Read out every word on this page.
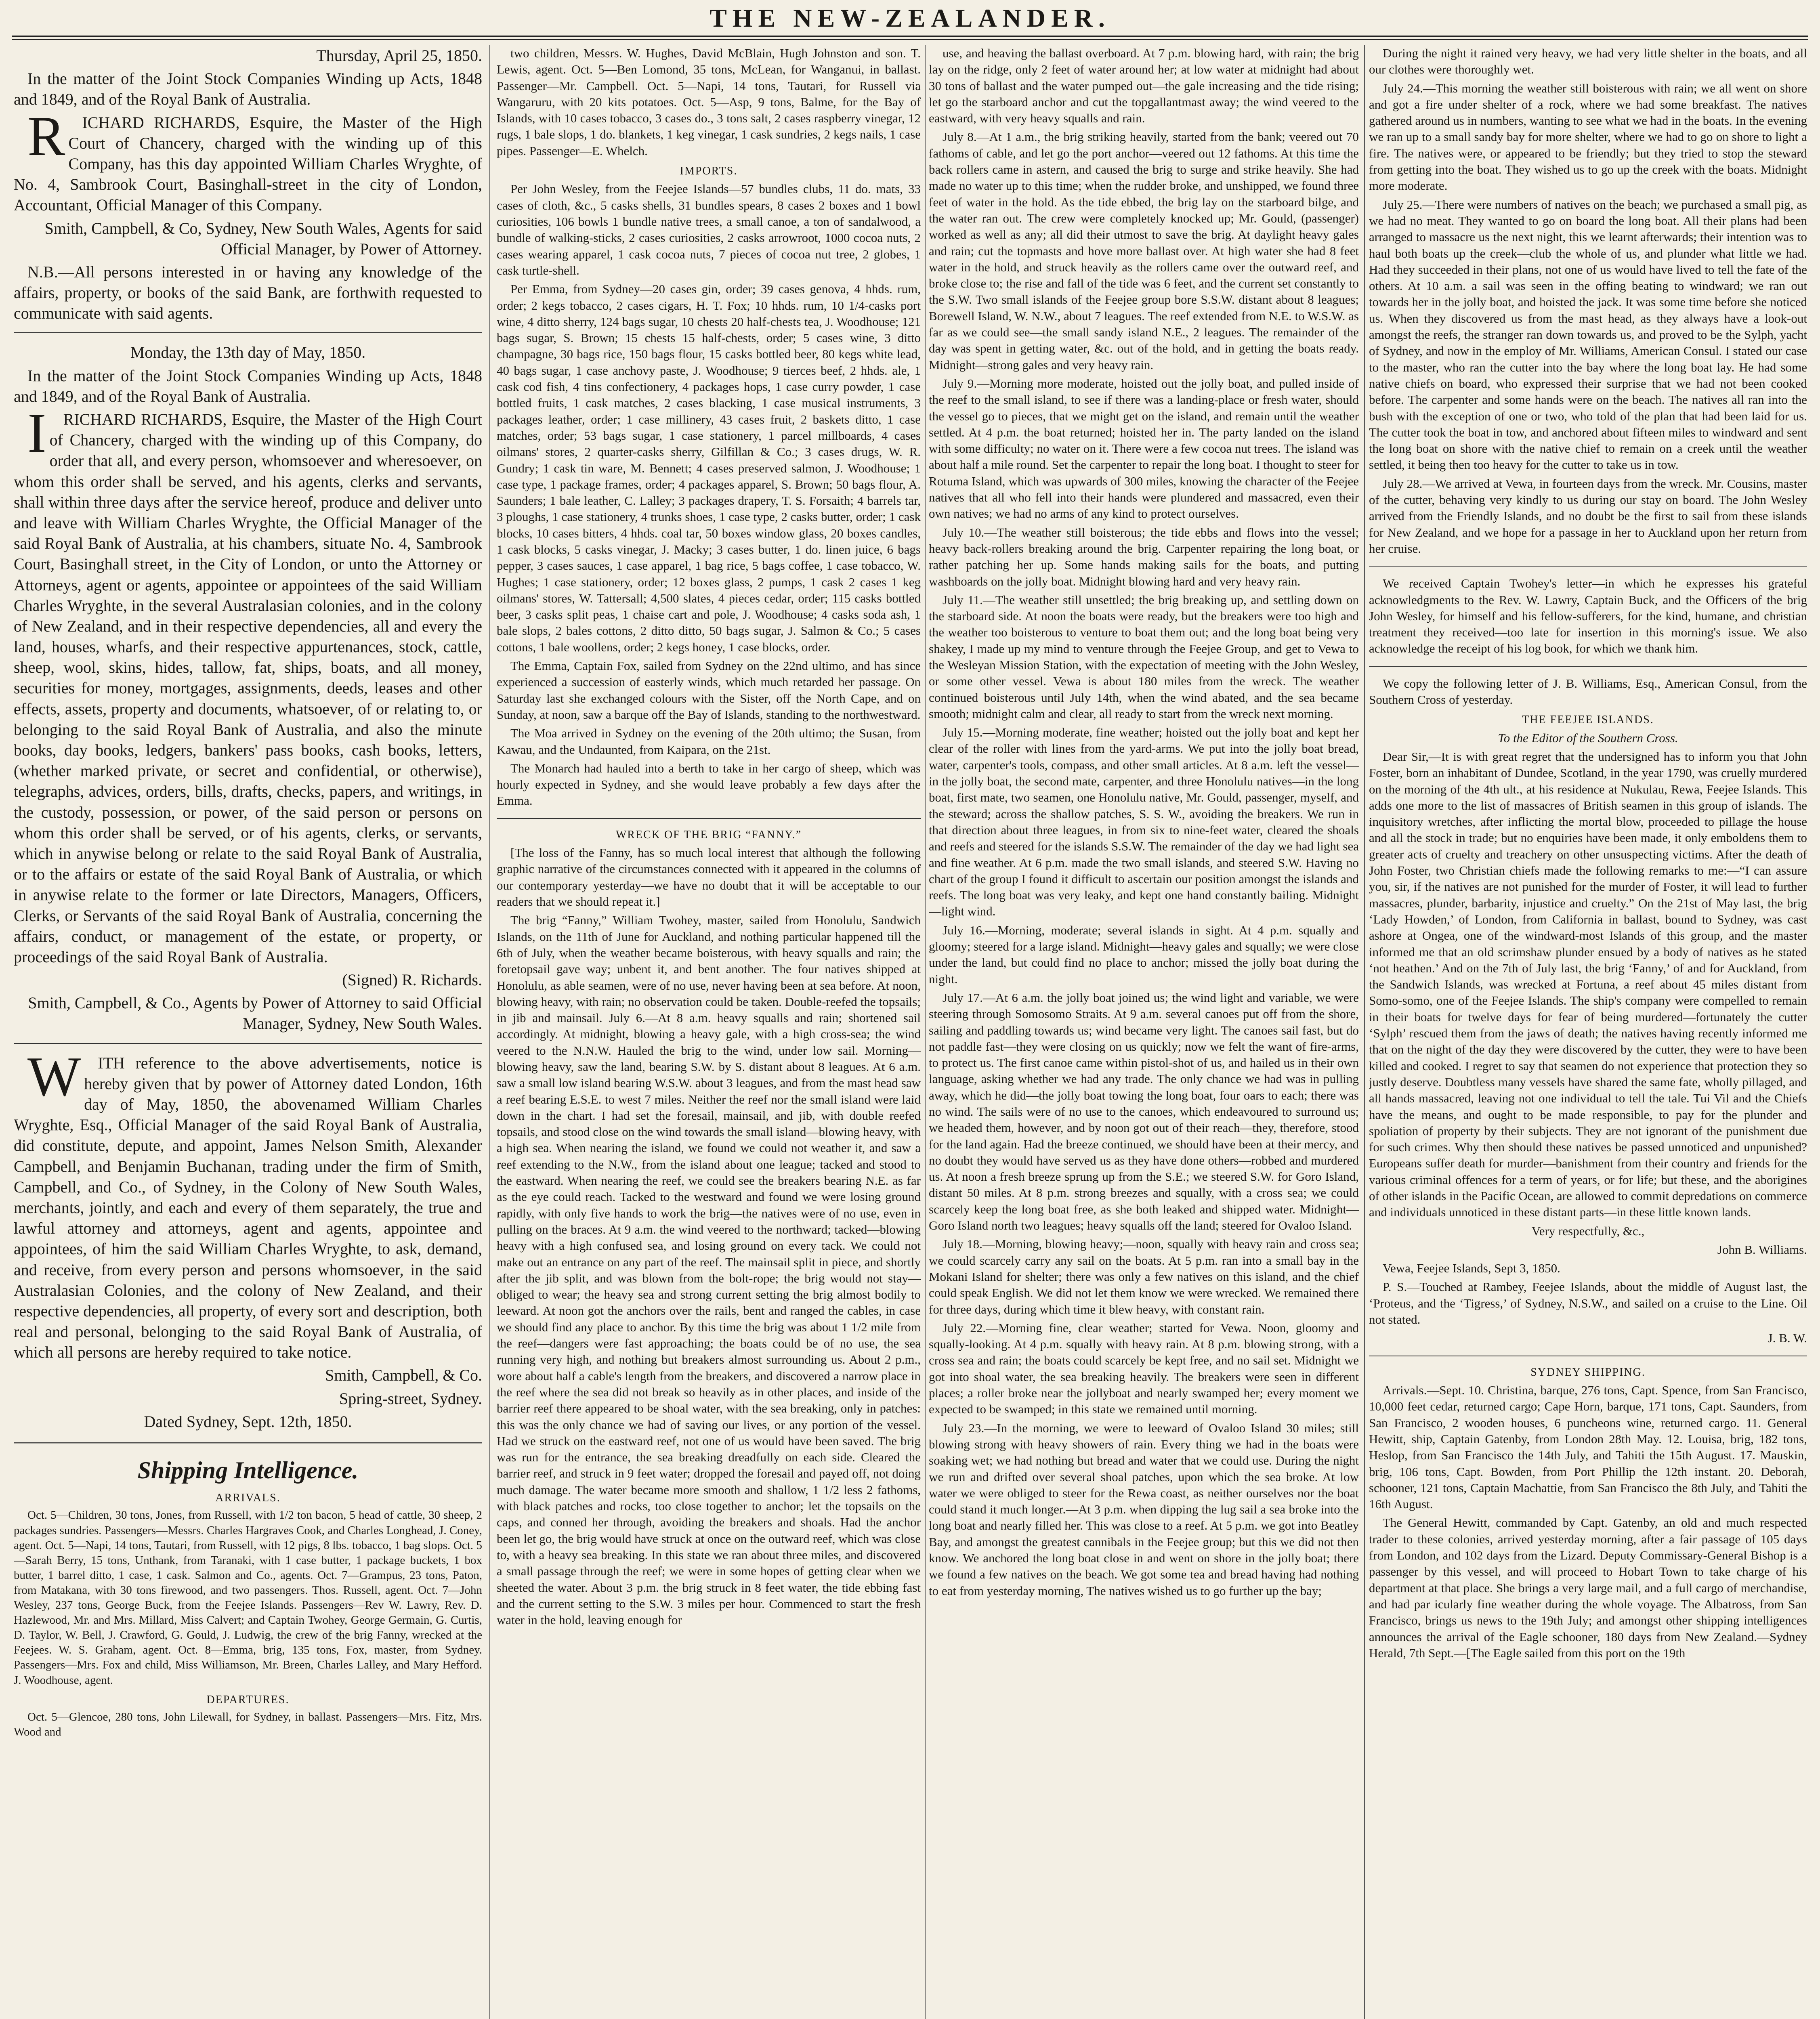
THE NEW-ZEALANDER.

Thursday, April 25, 1850.

In the matter of the Joint Stock Companies Winding up Acts, 1848 and 1849, and of the Royal Bank of Australia.

RICHARD RICHARDS, Esquire, the Master of the High Court of Chancery, charged with the winding up of this Company, has this day appointed William Charles Wryghte, of No. 4, Sambrook Court, Basinghall-street in the city of London, Accountant, Official Manager of this Company.

Smith, Campbell, & Co, Sydney, New South Wales, Agents for said Official Manager, by Power of Attorney.

N.B.—All persons interested in or having any knowledge of the affairs, property, or books of the said Bank, are forthwith requested to communicate with said agents.

Monday, the 13th day of May, 1850.

In the matter of the Joint Stock Companies Winding up Acts, 1848 and 1849, and of the Royal Bank of Australia.

IRICHARD RICHARDS, Esquire, the Master of the High Court of Chancery, charged with the winding up of this Company, do order that all, and every person, whomsoever and wheresoever, on whom this order shall be served, and his agents, clerks and servants, shall within three days after the service hereof, produce and deliver unto and leave with William Charles Wryghte, the Official Manager of the said Royal Bank of Australia, at his chambers, situate No. 4, Sambrook Court, Basinghall street, in the City of London, or unto the Attorney or Attorneys, agent or agents, appointee or appointees of the said William Charles Wryghte, in the several Australasian colonies, and in the colony of New Zealand, and in their respective dependencies, all and every the land, houses, wharfs, and their respective appurtenances, stock, cattle, sheep, wool, skins, hides, tallow, fat, ships, boats, and all money, securities for money, mortgages, assignments, deeds, leases and other effects, assets, property and documents, whatsoever, of or relating to, or belonging to the said Royal Bank of Australia, and also the minute books, day books, ledgers, bankers' pass books, cash books, letters, (whether marked private, or secret and confidential, or otherwise), telegraphs, advices, orders, bills, drafts, checks, papers, and writings, in the custody, possession, or power, of the said person or persons on whom this order shall be served, or of his agents, clerks, or servants, which in anywise belong or relate to the said Royal Bank of Australia, or to the affairs or estate of the said Royal Bank of Australia, or which in anywise relate to the former or late Directors, Managers, Officers, Clerks, or Servants of the said Royal Bank of Australia, concerning the affairs, conduct, or management of the estate, or property, or proceedings of the said Royal Bank of Australia.

(Signed) R. Richards.

Smith, Campbell, & Co., Agents by Power of Attorney to said Official Manager, Sydney, New South Wales.

WITH reference to the above advertisements, notice is hereby given that by power of Attorney dated London, 16th day of May, 1850, the abovenamed William Charles Wryghte, Esq., Official Manager of the said Royal Bank of Australia, did constitute, depute, and appoint, James Nelson Smith, Alexander Campbell, and Benjamin Buchanan, trading under the firm of Smith, Campbell, and Co., of Sydney, in the Colony of New South Wales, merchants, jointly, and each and every of them separately, the true and lawful attorney and attorneys, agent and agents, appointee and appointees, of him the said William Charles Wryghte, to ask, demand, and receive, from every person and persons whomsoever, in the said Australasian Colonies, and the colony of New Zealand, and their respective dependencies, all property, of every sort and description, both real and personal, belonging to the said Royal Bank of Australia, of which all persons are hereby required to take notice.

Smith, Campbell, & Co.

Spring-street, Sydney.

Dated Sydney, Sept. 12th, 1850.

Shipping Intelligence.
ARRIVALS.

Oct. 5—Children, 30 tons, Jones, from Russell, with 1/2 ton bacon, 5 head of cattle, 30 sheep, 2 packages sundries. Passengers—Messrs. Charles Hargraves Cook, and Charles Longhead, J. Coney, agent. Oct. 5—Napi, 14 tons, Tautari, from Russell, with 12 pigs, 8 lbs. tobacco, 1 bag slops. Oct. 5—Sarah Berry, 15 tons, Unthank, from Taranaki, with 1 case butter, 1 package buckets, 1 box butter, 1 barrel ditto, 1 case, 1 cask. Salmon and Co., agents. Oct. 7—Grampus, 23 tons, Paton, from Matakana, with 30 tons firewood, and two passengers. Thos. Russell, agent. Oct. 7—John Wesley, 237 tons, George Buck, from the Feejee Islands. Passengers—Rev W. Lawry, Rev. D. Hazlewood, Mr. and Mrs. Millard, Miss Calvert; and Captain Twohey, George Germain, G. Curtis, D. Taylor, W. Bell, J. Crawford, G. Gould, J. Ludwig, the crew of the brig Fanny, wrecked at the Feejees. W. S. Graham, agent. Oct. 8—Emma, brig, 135 tons, Fox, master, from Sydney. Passengers—Mrs. Fox and child, Miss Williamson, Mr. Breen, Charles Lalley, and Mary Hefford. J. Woodhouse, agent.

DEPARTURES.

Oct. 5—Glencoe, 280 tons, John Lilewall, for Sydney, in ballast. Passengers—Mrs. Fitz, Mrs. Wood and

two children, Messrs. W. Hughes, David McBlain, Hugh Johnston and son. T. Lewis, agent. Oct. 5—Ben Lomond, 35 tons, McLean, for Wanganui, in ballast. Passenger—Mr. Campbell. Oct. 5—Napi, 14 tons, Tautari, for Russell via Wangaruru, with 20 kits potatoes. Oct. 5—Asp, 9 tons, Balme, for the Bay of Islands, with 10 cases tobacco, 3 cases do., 3 tons salt, 2 cases raspberry vinegar, 12 rugs, 1 bale slops, 1 do. blankets, 1 keg vinegar, 1 cask sundries, 2 kegs nails, 1 case pipes. Passenger—E. Whelch.

IMPORTS.

Per John Wesley, from the Feejee Islands—57 bundles clubs, 11 do. mats, 33 cases of cloth, &c., 5 casks shells, 31 bundles spears, 8 cases 2 boxes and 1 bowl curiosities, 106 bowls 1 bundle native trees, a small canoe, a ton of sandalwood, a bundle of walking-sticks, 2 cases curiosities, 2 casks arrowroot, 1000 cocoa nuts, 2 cases wearing apparel, 1 cask cocoa nuts, 7 pieces of cocoa nut tree, 2 globes, 1 cask turtle-shell.

Per Emma, from Sydney—20 cases gin, order; 39 cases genova, 4 hhds. rum, order; 2 kegs tobacco, 2 cases cigars, H. T. Fox; 10 hhds. rum, 10 1/4-casks port wine, 4 ditto sherry, 124 bags sugar, 10 chests 20 half-chests tea, J. Woodhouse; 121 bags sugar, S. Brown; 15 chests 15 half-chests, order; 5 cases wine, 3 ditto champagne, 30 bags rice, 150 bags flour, 15 casks bottled beer, 80 kegs white lead, 40 bags sugar, 1 case anchovy paste, J. Woodhouse; 9 tierces beef, 2 hhds. ale, 1 cask cod fish, 4 tins confectionery, 4 packages hops, 1 case curry powder, 1 case bottled fruits, 1 cask matches, 2 cases blacking, 1 case musical instruments, 3 packages leather, order; 1 case millinery, 43 cases fruit, 2 baskets ditto, 1 case matches, order; 53 bags sugar, 1 case stationery, 1 parcel millboards, 4 cases oilmans' stores, 2 quarter-casks sherry, Gilfillan & Co.; 3 cases drugs, W. R. Gundry; 1 cask tin ware, M. Bennett; 4 cases preserved salmon, J. Woodhouse; 1 case type, 1 package frames, order; 4 packages apparel, S. Brown; 50 bags flour, A. Saunders; 1 bale leather, C. Lalley; 3 packages drapery, T. S. Forsaith; 4 barrels tar, 3 ploughs, 1 case stationery, 4 trunks shoes, 1 case type, 2 casks butter, order; 1 cask blocks, 10 cases bitters, 4 hhds. coal tar, 50 boxes window glass, 20 boxes candles, 1 cask blocks, 5 casks vinegar, J. Macky; 3 cases butter, 1 do. linen juice, 6 bags pepper, 3 cases sauces, 1 case apparel, 1 bag rice, 5 bags coffee, 1 case tobacco, W. Hughes; 1 case stationery, order; 12 boxes glass, 2 pumps, 1 cask 2 cases 1 keg oilmans' stores, W. Tattersall; 4,500 slates, 4 pieces cedar, order; 115 casks bottled beer, 3 casks split peas, 1 chaise cart and pole, J. Woodhouse; 4 casks soda ash, 1 bale slops, 2 bales cottons, 2 ditto ditto, 50 bags sugar, J. Salmon & Co.; 5 cases cottons, 1 bale woollens, order; 2 kegs honey, 1 case blocks, order.

The Emma, Captain Fox, sailed from Sydney on the 22nd ultimo, and has since experienced a succession of easterly winds, which much retarded her passage. On Saturday last she exchanged colours with the Sister, off the North Cape, and on Sunday, at noon, saw a barque off the Bay of Islands, standing to the northwestward.

The Moa arrived in Sydney on the evening of the 20th ultimo; the Susan, from Kawau, and the Undaunted, from Kaipara, on the 21st.

The Monarch had hauled into a berth to take in her cargo of sheep, which was hourly expected in Sydney, and she would leave probably a few days after the Emma.

WRECK OF THE BRIG “FANNY.”

[The loss of the Fanny, has so much local interest that although the following graphic narrative of the circumstances connected with it appeared in the columns of our contemporary yesterday—we have no doubt that it will be acceptable to our readers that we should repeat it.]

The brig “Fanny,” William Twohey, master, sailed from Honolulu, Sandwich Islands, on the 11th of June for Auckland, and nothing particular happened till the 6th of July, when the weather became boisterous, with heavy squalls and rain; the foretopsail gave way; unbent it, and bent another. The four natives shipped at Honolulu, as able seamen, were of no use, never having been at sea before. At noon, blowing heavy, with rain; no observation could be taken. Double-reefed the topsails; in jib and mainsail. July 6.—At 8 a.m. heavy squalls and rain; shortened sail accordingly. At midnight, blowing a heavy gale, with a high cross-sea; the wind veered to the N.N.W. Hauled the brig to the wind, under low sail. Morning—blowing heavy, saw the land, bearing S.W. by S. distant about 8 leagues. At 6 a.m. saw a small low island bearing W.S.W. about 3 leagues, and from the mast head saw a reef bearing E.S.E. to west 7 miles. Neither the reef nor the small island were laid down in the chart. I had set the foresail, mainsail, and jib, with double reefed topsails, and stood close on the wind towards the small island—blowing heavy, with a high sea. When nearing the island, we found we could not weather it, and saw a reef extending to the N.W., from the island about one league; tacked and stood to the eastward. When nearing the reef, we could see the breakers bearing N.E. as far as the eye could reach. Tacked to the westward and found we were losing ground rapidly, with only five hands to work the brig—the natives were of no use, even in pulling on the braces. At 9 a.m. the wind veered to the northward; tacked—blowing heavy with a high confused sea, and losing ground on every tack. We could not make out an entrance on any part of the reef. The mainsail split in piece, and shortly after the jib split, and was blown from the bolt-rope; the brig would not stay—obliged to wear; the heavy sea and strong current setting the brig almost bodily to leeward. At noon got the anchors over the rails, bent and ranged the cables, in case we should find any place to anchor. By this time the brig was about 1 1/2 mile from the reef—dangers were fast approaching; the boats could be of no use, the sea running very high, and nothing but breakers almost surrounding us. About 2 p.m., wore about half a cable's length from the breakers, and discovered a narrow place in the reef where the sea did not break so heavily as in other places, and inside of the barrier reef there appeared to be shoal water, with the sea breaking, only in patches: this was the only chance we had of saving our lives, or any portion of the vessel. Had we struck on the eastward reef, not one of us would have been saved. The brig was run for the entrance, the sea breaking dreadfully on each side. Cleared the barrier reef, and struck in 9 feet water; dropped the foresail and payed off, not doing much damage. The water became more smooth and shallow, 1 1/2 less 2 fathoms, with black patches and rocks, too close together to anchor; let the topsails on the caps, and conned her through, avoiding the breakers and shoals. Had the anchor been let go, the brig would have struck at once on the outward reef, which was close to, with a heavy sea breaking. In this state we ran about three miles, and discovered a small passage through the reef; we were in some hopes of getting clear when we sheeted the water. About 3 p.m. the brig struck in 8 feet water, the tide ebbing fast and the current setting to the S.W. 3 miles per hour. Commenced to start the fresh water in the hold, leaving enough for

use, and heaving the ballast overboard. At 7 p.m. blowing hard, with rain; the brig lay on the ridge, only 2 feet of water around her; at low water at midnight had about 30 tons of ballast and the water pumped out—the gale increasing and the tide rising; let go the starboard anchor and cut the topgallantmast away; the wind veered to the eastward, with very heavy squalls and rain.

July 8.—At 1 a.m., the brig striking heavily, started from the bank; veered out 70 fathoms of cable, and let go the port anchor—veered out 12 fathoms. At this time the back rollers came in astern, and caused the brig to surge and strike heavily. She had made no water up to this time; when the rudder broke, and unshipped, we found three feet of water in the hold. As the tide ebbed, the brig lay on the starboard bilge, and the water ran out. The crew were completely knocked up; Mr. Gould, (passenger) worked as well as any; all did their utmost to save the brig. At daylight heavy gales and rain; cut the topmasts and hove more ballast over. At high water she had 8 feet water in the hold, and struck heavily as the rollers came over the outward reef, and broke close to; the rise and fall of the tide was 6 feet, and the current set constantly to the S.W. Two small islands of the Feejee group bore S.S.W. distant about 8 leagues; Borewell Island, W. N.W., about 7 leagues. The reef extended from N.E. to W.S.W. as far as we could see—the small sandy island N.E., 2 leagues. The remainder of the day was spent in getting water, &c. out of the hold, and in getting the boats ready. Midnight—strong gales and very heavy rain.

July 9.—Morning more moderate, hoisted out the jolly boat, and pulled inside of the reef to the small island, to see if there was a landing-place or fresh water, should the vessel go to pieces, that we might get on the island, and remain until the weather settled. At 4 p.m. the boat returned; hoisted her in. The party landed on the island with some difficulty; no water on it. There were a few cocoa nut trees. The island was about half a mile round. Set the carpenter to repair the long boat. I thought to steer for Rotuma Island, which was upwards of 300 miles, knowing the character of the Feejee natives that all who fell into their hands were plundered and massacred, even their own natives; we had no arms of any kind to protect ourselves.

July 10.—The weather still boisterous; the tide ebbs and flows into the vessel; heavy back-rollers breaking around the brig. Carpenter repairing the long boat, or rather patching her up. Some hands making sails for the boats, and putting washboards on the jolly boat. Midnight blowing hard and very heavy rain.

July 11.—The weather still unsettled; the brig breaking up, and settling down on the starboard side. At noon the boats were ready, but the breakers were too high and the weather too boisterous to venture to boat them out; and the long boat being very shakey, I made up my mind to venture through the Feejee Group, and get to Vewa to the Wesleyan Mission Station, with the expectation of meeting with the John Wesley, or some other vessel. Vewa is about 180 miles from the wreck. The weather continued boisterous until July 14th, when the wind abated, and the sea became smooth; midnight calm and clear, all ready to start from the wreck next morning.

July 15.—Morning moderate, fine weather; hoisted out the jolly boat and kept her clear of the roller with lines from the yard-arms. We put into the jolly boat bread, water, carpenter's tools, compass, and other small articles. At 8 a.m. left the vessel—in the jolly boat, the second mate, carpenter, and three Honolulu natives—in the long boat, first mate, two seamen, one Honolulu native, Mr. Gould, passenger, myself, and the steward; across the shallow patches, S. S. W., avoiding the breakers. We run in that direction about three leagues, in from six to nine-feet water, cleared the shoals and reefs and steered for the islands S.S.W. The remainder of the day we had light sea and fine weather. At 6 p.m. made the two small islands, and steered S.W. Having no chart of the group I found it difficult to ascertain our position amongst the islands and reefs. The long boat was very leaky, and kept one hand constantly bailing. Midnight—light wind.

July 16.—Morning, moderate; several islands in sight. At 4 p.m. squally and gloomy; steered for a large island. Midnight—heavy gales and squally; we were close under the land, but could find no place to anchor; missed the jolly boat during the night.

July 17.—At 6 a.m. the jolly boat joined us; the wind light and variable, we were steering through Somosomo Straits. At 9 a.m. several canoes put off from the shore, sailing and paddling towards us; wind became very light. The canoes sail fast, but do not paddle fast—they were closing on us quickly; now we felt the want of fire-arms, to protect us. The first canoe came within pistol-shot of us, and hailed us in their own language, asking whether we had any trade. The only chance we had was in pulling away, which he did—the jolly boat towing the long boat, four oars to each; there was no wind. The sails were of no use to the canoes, which endeavoured to surround us; we headed them, however, and by noon got out of their reach—they, therefore, stood for the land again. Had the breeze continued, we should have been at their mercy, and no doubt they would have served us as they have done others—robbed and murdered us. At noon a fresh breeze sprung up from the S.E.; we steered S.W. for Goro Island, distant 50 miles. At 8 p.m. strong breezes and squally, with a cross sea; we could scarcely keep the long boat free, as she both leaked and shipped water. Midnight—Goro Island north two leagues; heavy squalls off the land; steered for Ovaloo Island.

July 18.—Morning, blowing heavy;—noon, squally with heavy rain and cross sea; we could scarcely carry any sail on the boats. At 5 p.m. ran into a small bay in the Mokani Island for shelter; there was only a few natives on this island, and the chief could speak English. We did not let them know we were wrecked. We remained there for three days, during which time it blew heavy, with constant rain.

July 22.—Morning fine, clear weather; started for Vewa. Noon, gloomy and squally-looking. At 4 p.m. squally with heavy rain. At 8 p.m. blowing strong, with a cross sea and rain; the boats could scarcely be kept free, and no sail set. Midnight we got into shoal water, the sea breaking heavily. The breakers were seen in different places; a roller broke near the jollyboat and nearly swamped her; every moment we expected to be swamped; in this state we remained until morning.

July 23.—In the morning, we were to leeward of Ovaloo Island 30 miles; still blowing strong with heavy showers of rain. Every thing we had in the boats were soaking wet; we had nothing but bread and water that we could use. During the night we run and drifted over several shoal patches, upon which the sea broke. At low water we were obliged to steer for the Rewa coast, as neither ourselves nor the boat could stand it much longer.—At 3 p.m. when dipping the lug sail a sea broke into the long boat and nearly filled her. This was close to a reef. At 5 p.m. we got into Beatley Bay, and amongst the greatest cannibals in the Feejee group; but this we did not then know. We anchored the long boat close in and went on shore in the jolly boat; there we found a few natives on the beach. We got some tea and bread having had nothing to eat from yesterday morning, The natives wished us to go further up the bay;

During the night it rained very heavy, we had very little shelter in the boats, and all our clothes were thoroughly wet.

July 24.—This morning the weather still boisterous with rain; we all went on shore and got a fire under shelter of a rock, where we had some breakfast. The natives gathered around us in numbers, wanting to see what we had in the boats. In the evening we ran up to a small sandy bay for more shelter, where we had to go on shore to light a fire. The natives were, or appeared to be friendly; but they tried to stop the steward from getting into the boat. They wished us to go up the creek with the boats. Midnight more moderate.

July 25.—There were numbers of natives on the beach; we purchased a small pig, as we had no meat. They wanted to go on board the long boat. All their plans had been arranged to massacre us the next night, this we learnt afterwards; their intention was to haul both boats up the creek—club the whole of us, and plunder what little we had. Had they succeeded in their plans, not one of us would have lived to tell the fate of the others. At 10 a.m. a sail was seen in the offing beating to windward; we ran out towards her in the jolly boat, and hoisted the jack. It was some time before she noticed us. When they discovered us from the mast head, as they always have a look-out amongst the reefs, the stranger ran down towards us, and proved to be the Sylph, yacht of Sydney, and now in the employ of Mr. Williams, American Consul. I stated our case to the master, who ran the cutter into the bay where the long boat lay. He had some native chiefs on board, who expressed their surprise that we had not been cooked before. The carpenter and some hands were on the beach. The natives all ran into the bush with the exception of one or two, who told of the plan that had been laid for us. The cutter took the boat in tow, and anchored about fifteen miles to windward and sent the long boat on shore with the native chief to remain on a creek until the weather settled, it being then too heavy for the cutter to take us in tow.

July 28.—We arrived at Vewa, in fourteen days from the wreck. Mr. Cousins, master of the cutter, behaving very kindly to us during our stay on board. The John Wesley arrived from the Friendly Islands, and no doubt be the first to sail from these islands for New Zealand, and we hope for a passage in her to Auckland upon her return from her cruise.

We received Captain Twohey's letter—in which he expresses his grateful acknowledgments to the Rev. W. Lawry, Captain Buck, and the Officers of the brig John Wesley, for himself and his fellow-sufferers, for the kind, humane, and christian treatment they received—too late for insertion in this morning's issue. We also acknowledge the receipt of his log book, for which we thank him.

We copy the following letter of J. B. Williams, Esq., American Consul, from the Southern Cross of yesterday.

THE FEEJEE ISLANDS.

To the Editor of the Southern Cross.

Dear Sir,—It is with great regret that the undersigned has to inform you that John Foster, born an inhabitant of Dundee, Scotland, in the year 1790, was cruelly murdered on the morning of the 4th ult., at his residence at Nukulau, Rewa, Feejee Islands. This adds one more to the list of massacres of British seamen in this group of islands. The inquisitory wretches, after inflicting the mortal blow, proceeded to pillage the house and all the stock in trade; but no enquiries have been made, it only emboldens them to greater acts of cruelty and treachery on other unsuspecting victims. After the death of John Foster, two Christian chiefs made the following remarks to me:—“I can assure you, sir, if the natives are not punished for the murder of Foster, it will lead to further massacres, plunder, barbarity, injustice and cruelty.” On the 21st of May last, the brig ‘Lady Howden,’ of London, from California in ballast, bound to Sydney, was cast ashore at Ongea, one of the windward-most Islands of this group, and the master informed me that an old scrimshaw plunder ensued by a body of natives as he stated ‘not heathen.’ And on the 7th of July last, the brig ‘Fanny,’ of and for Auckland, from the Sandwich Islands, was wrecked at Fortuna, a reef about 45 miles distant from Somo-somo, one of the Feejee Islands. The ship's company were compelled to remain in their boats for twelve days for fear of being murdered—fortunately the cutter ‘Sylph’ rescued them from the jaws of death; the natives having recently informed me that on the night of the day they were discovered by the cutter, they were to have been killed and cooked. I regret to say that seamen do not experience that protection they so justly deserve. Doubtless many vessels have shared the same fate, wholly pillaged, and all hands massacred, leaving not one individual to tell the tale. Tui Vil and the Chiefs have the means, and ought to be made responsible, to pay for the plunder and spoliation of property by their subjects. They are not ignorant of the punishment due for such crimes. Why then should these natives be passed unnoticed and unpunished? Europeans suffer death for murder—banishment from their country and friends for the various criminal offences for a term of years, or for life; but these, and the aborigines of other islands in the Pacific Ocean, are allowed to commit depredations on commerce and individuals unnoticed in these distant parts—in these little known lands.

Very respectfully, &c.,

John B. Williams.

Vewa, Feejee Islands, Sept 3, 1850.

P. S.—Touched at Rambey, Feejee Islands, about the middle of August last, the ‘Proteus, and the ‘Tigress,’ of Sydney, N.S.W., and sailed on a cruise to the Line. Oil not stated.

J. B. W.

SYDNEY SHIPPING.

Arrivals.—Sept. 10. Christina, barque, 276 tons, Capt. Spence, from San Francisco, 10,000 feet cedar, returned cargo; Cape Horn, barque, 171 tons, Capt. Saunders, from San Francisco, 2 wooden houses, 6 puncheons wine, returned cargo. 11. General Hewitt, ship, Captain Gatenby, from London 28th May. 12. Louisa, brig, 182 tons, Heslop, from San Francisco the 14th July, and Tahiti the 15th August. 17. Mauskin, brig, 106 tons, Capt. Bowden, from Port Phillip the 12th instant. 20. Deborah, schooner, 121 tons, Captain Machattie, from San Francisco the 8th July, and Tahiti the 16th August.

The General Hewitt, commanded by Capt. Gatenby, an old and much respected trader to these colonies, arrived yesterday morning, after a fair passage of 105 days from London, and 102 days from the Lizard. Deputy Commissary-General Bishop is a passenger by this vessel, and will proceed to Hobart Town to take charge of his department at that place. She brings a very large mail, and a full cargo of merchandise, and had par icularly fine weather during the whole voyage. The Albatross, from San Francisco, brings us news to the 19th July; and amongst other shipping intelligences announces the arrival of the Eagle schooner, 180 days from New Zealand.—Sydney Herald, 7th Sept.—[The Eagle sailed from this port on the 19th
